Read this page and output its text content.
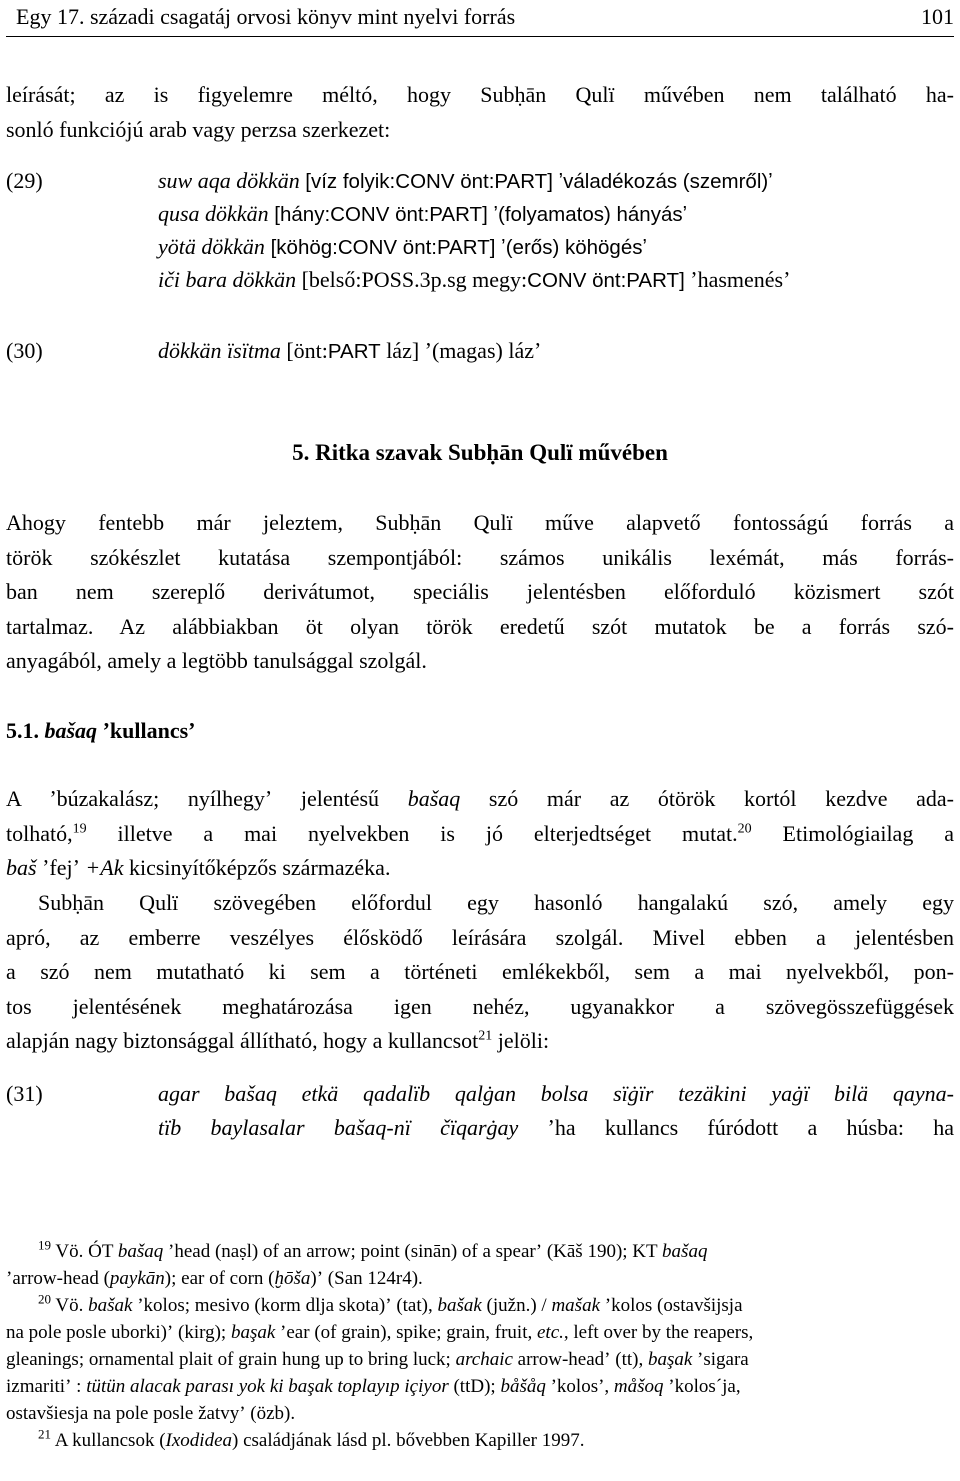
Egy 17. századi csagatáj orvosi könyv mint nyelvi forrás	101
leírását; az is figyelemre méltó, hogy Subḥān Qulï művében nem található ha-
sonló funkciójú arab vagy perzsa szerkezet:
(29)	suw aqa dökkän [víz folyik:CONV önt:PART] ʼváladékozás (szemről)ʼ
qusa dökkän [hány:CONV önt:PART] ʼ(folyamatos) hányásʼ
yötä dökkän [köhög:CONV önt:PART] ʼ(erős) köhögésʼ
iči bara dökkän [belső:POSS.3p.sg megy:CONV önt:PART] ʼhasmenésʼ
(30)	dökkän ïsïtma [önt:PART láz] ʼ(magas) lázʼ
5. Ritka szavak Subḥān Qulï művében
Ahogy fentebb már jeleztem, Subḥān Qulï műve alapvető fontosságú forrás a
török szókészlet kutatása szempontjából: számos unikális lexémát, más forrás-
ban nem szereplő derivátumot, speciális jelentésben előforduló közismert szót
tartalmaz. Az alábbiakban öt olyan török eredetű szót mutatok be a forrás szó-
anyagából, amely a legtöbb tanulsággal szolgál.
5.1. bašaq ʼkullancsʼ
A ʼbúzakalász; nyílhegyʼ jelentésű bašaq szó már az ótörök kortól kezdve ada-
tolható,$^{19}$ illetve a mai nyelvekben is jó elterjedtséget mutat.$^{20}$ Etimológiailag a
baš ʼfejʼ +Ak kicsinyítőképzős származéka.
Subḥān Qulï szövegében előfordul egy hasonló hangalakú szó, amely egy
apró, az emberre veszélyes élősködő leírására szolgál. Mivel ebben a jelentésben
a szó nem mutatható ki sem a történeti emlékekből, sem a mai nyelvekből, pon-
tos jelentésének meghatározása igen nehéz, ugyanakkor a szövegösszefüggések
alapján nagy biztonsággal állítható, hogy a kullancsot$^{21}$ jelöli:
(31)	agar bašaq etkä qadalïb qalġan bolsa sïġïr tezäkini yaġï bilä qayna-
tïb baylasalar bašaq-nï čïqarġay ʼha kullancs fúródott a húsba: ha
$^{19}$ Vö. ÓT bašaq ʼhead (naṣl) of an arrow; point (sinān) of a spearʼ (Kāš 190); KT bašaq
ʼarrow-head (paykān); ear of corn (ḫōša)ʼ (San 124r4).
$^{20}$ Vö. bašak ʼkolos; mesivo (korm dlja skota)ʼ (tat), bašak (južn.) / mašak ʼkolos (ostavšijsja
na pole posle uborki)ʼ (kirg); başak ʼear (of grain), spike; grain, fruit, etc., left over by the reapers,
gleanings; ornamental plait of grain hung up to bring luck; archaic arrow-headʼ (tt), başak ʼsigara
izmaritiʼ : tütün alacak parası yok ki başak toplayıp içiyor (ttD); båšåq ʼkolosʼ, måšoq ʼkolos´ja,
ostavšiesja na pole posle žatvyʼ (özb).
$^{21}$ A kullancsok (Ixodidea) családjának lásd pl. bővebben Kapiller 1997.
